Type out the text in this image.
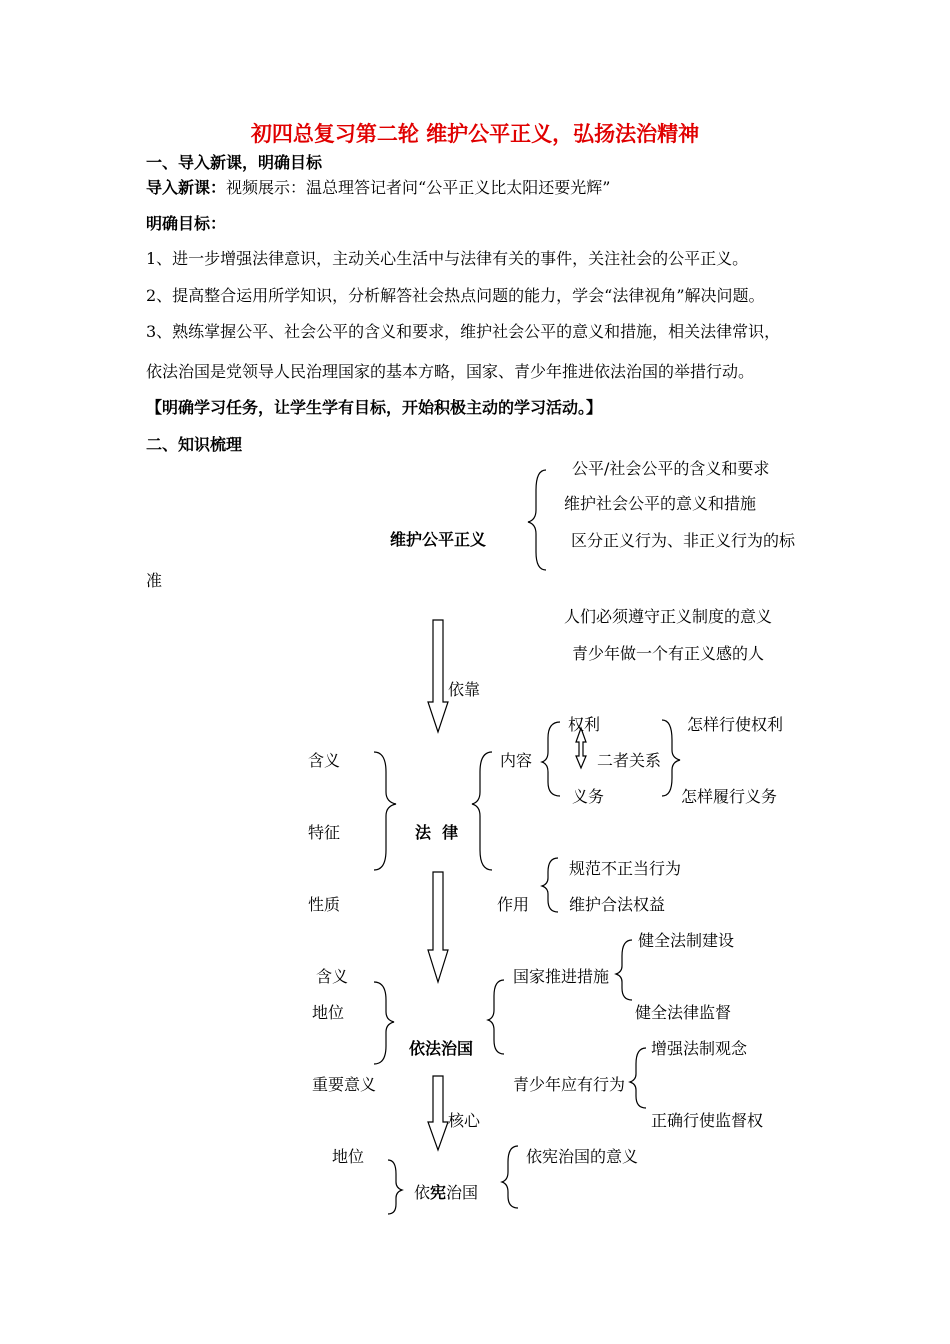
初四总复习第二轮 维护公平正义，弘扬法治精神
一、导入新课，明确目标
导入新课：视频展示：温总理答记者问“公平正义比太阳还要光辉”
明确目标：
1、进一步增强法律意识，主动关心生活中与法律有关的事件，关注社会的公平正义。
2、提高整合运用所学知识，分析解答社会热点问题的能力，学会“法律视角”解决问题。
3、熟练掌握公平、社会公平的含义和要求，维护社会公平的意义和措施，相关法律常识，
依法治国是党领导人民治理国家的基本方略，国家、青少年推进依法治国的举措行动。
【明确学习任务，让学生学有目标，开始积极主动的学习活动。】
二、知识梳理
维护公平正义
公平/社会公平的含义和要求
维护社会公平的意义和措施
区分正义行为、非正义行为的标
准
人们必须遵守正义制度的意义
青少年做一个有正义感的人
依靠
含义
特征
性质
法  律
内容
权利
义务
二者关系
怎样行使权利
怎样履行义务
作用
规范不正当行为
维护合法权益
含义
地位
重要意义
依法治国
国家推进措施
健全法制建设
健全法律监督
青少年应有行为
增强法制观念
正确行使监督权
核心
地位
依宪治国
依宪治国的意义
